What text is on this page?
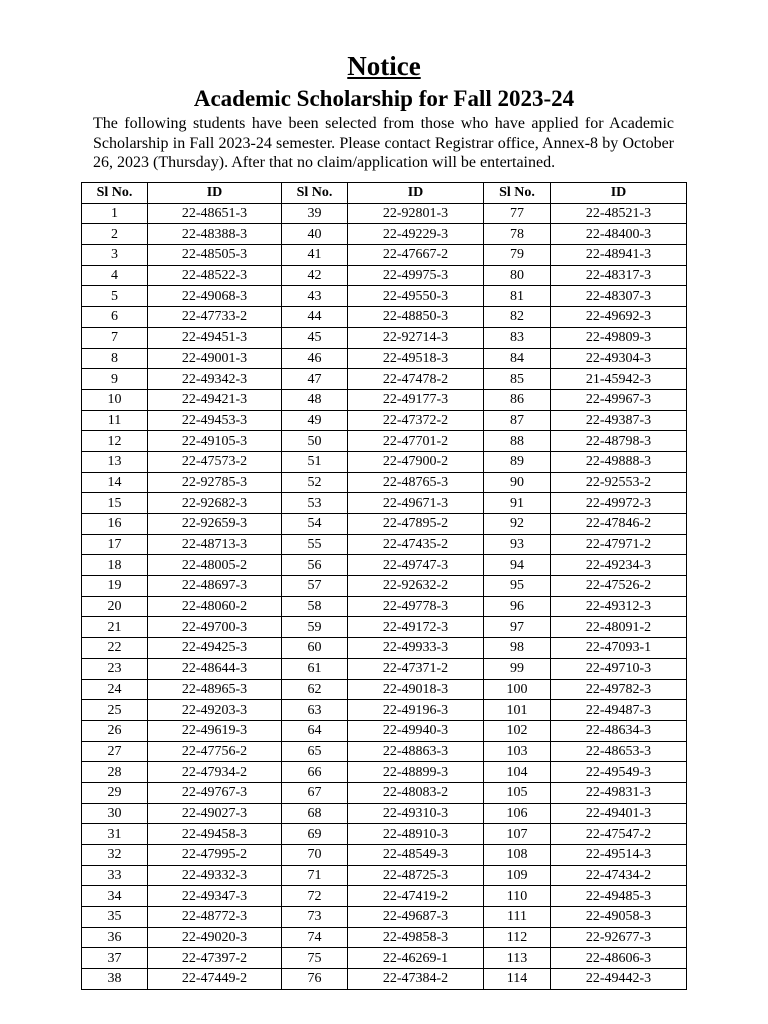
Notice
Academic Scholarship for Fall 2023-24
The following students have been selected from those who have applied for Academic Scholarship in Fall 2023-24 semester. Please contact Registrar office, Annex-8 by October 26, 2023 (Thursday). After that no claim/application will be entertained.
Sl No.	ID	Sl No.	ID	Sl No.	ID
1	22-48651-3	39	22-92801-3	77	22-48521-3
2	22-48388-3	40	22-49229-3	78	22-48400-3
3	22-48505-3	41	22-47667-2	79	22-48941-3
4	22-48522-3	42	22-49975-3	80	22-48317-3
5	22-49068-3	43	22-49550-3	81	22-48307-3
6	22-47733-2	44	22-48850-3	82	22-49692-3
7	22-49451-3	45	22-92714-3	83	22-49809-3
8	22-49001-3	46	22-49518-3	84	22-49304-3
9	22-49342-3	47	22-47478-2	85	21-45942-3
10	22-49421-3	48	22-49177-3	86	22-49967-3
11	22-49453-3	49	22-47372-2	87	22-49387-3
12	22-49105-3	50	22-47701-2	88	22-48798-3
13	22-47573-2	51	22-47900-2	89	22-49888-3
14	22-92785-3	52	22-48765-3	90	22-92553-2
15	22-92682-3	53	22-49671-3	91	22-49972-3
16	22-92659-3	54	22-47895-2	92	22-47846-2
17	22-48713-3	55	22-47435-2	93	22-47971-2
18	22-48005-2	56	22-49747-3	94	22-49234-3
19	22-48697-3	57	22-92632-2	95	22-47526-2
20	22-48060-2	58	22-49778-3	96	22-49312-3
21	22-49700-3	59	22-49172-3	97	22-48091-2
22	22-49425-3	60	22-49933-3	98	22-47093-1
23	22-48644-3	61	22-47371-2	99	22-49710-3
24	22-48965-3	62	22-49018-3	100	22-49782-3
25	22-49203-3	63	22-49196-3	101	22-49487-3
26	22-49619-3	64	22-49940-3	102	22-48634-3
27	22-47756-2	65	22-48863-3	103	22-48653-3
28	22-47934-2	66	22-48899-3	104	22-49549-3
29	22-49767-3	67	22-48083-2	105	22-49831-3
30	22-49027-3	68	22-49310-3	106	22-49401-3
31	22-49458-3	69	22-48910-3	107	22-47547-2
32	22-47995-2	70	22-48549-3	108	22-49514-3
33	22-49332-3	71	22-48725-3	109	22-47434-2
34	22-49347-3	72	22-47419-2	110	22-49485-3
35	22-48772-3	73	22-49687-3	111	22-49058-3
36	22-49020-3	74	22-49858-3	112	22-92677-3
37	22-47397-2	75	22-46269-1	113	22-48606-3
38	22-47449-2	76	22-47384-2	114	22-49442-3
